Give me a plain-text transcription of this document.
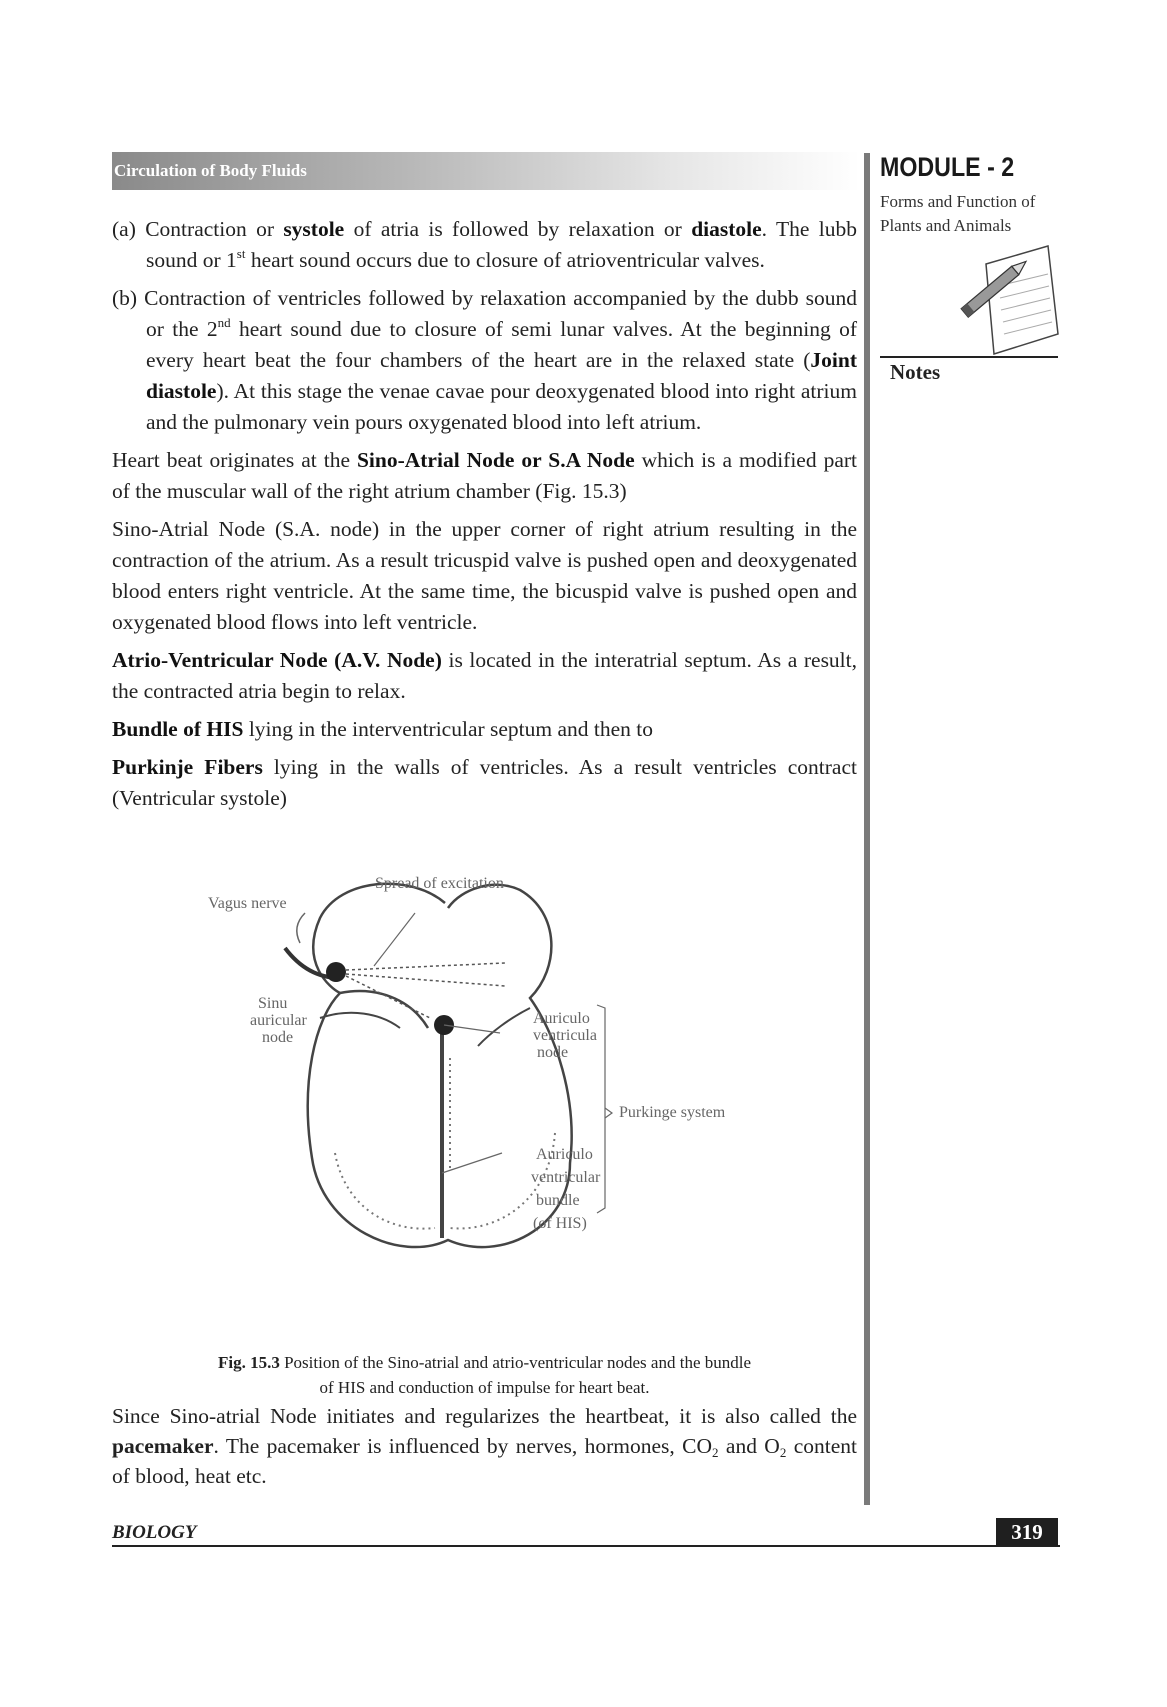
Circulation of Body Fluids	MODULE - 2
Forms and Function of Plants and Animals
Notes

(a) Contraction or systole of atria is followed by relaxation or diastole. The lubb sound or 1st heart sound occurs due to closure of atrioventricular valves.

(b) Contraction of ventricles followed by relaxation accompanied by the dubb sound or the 2nd heart sound due to closure of semi lunar valves. At the beginning of every heart beat the four chambers of the heart are in the relaxed state (Joint diastole). At this stage the venae cavae pour deoxygenated blood into right atrium and the pulmonary vein pours oxygenated blood into left atrium.

Heart beat originates at the Sino-Atrial Node or S.A Node which is a modified part of the muscular wall of the right atrium chamber (Fig. 15.3)

Sino-Atrial Node (S.A. node) in the upper corner of right atrium resulting in the contraction of the atrium. As a result tricuspid valve is pushed open and deoxygenated blood enters right ventricle. At the same time, the bicuspid valve is pushed open and oxygenated blood flows into left ventricle.

Atrio-Ventricular Node (A.V. Node) is located in the interatrial septum. As a result, the contracted atria begin to relax.

Bundle of HIS lying in the interventricular septum and then to

Purkinje Fibers lying in the walls of ventricles. As a result ventricles contract (Ventricular systole)

Spread of excitation
Vagus nerve
Sinu
auricular
node
Auriculo
ventricula
node
Purkinge system
Auriculo
ventricular
bundle
(of HIS)
Fig. 15.3 Position of the Sino-atrial and atrio-ventricular nodes and the bundle
of HIS and conduction of impulse for heart beat.

Since Sino-atrial Node initiates and regularizes the heartbeat, it is also called the pacemaker. The pacemaker is influenced by nerves, hormones, $CO_2$ and $O_2$ content of blood, heat etc.

BIOLOGY	319
